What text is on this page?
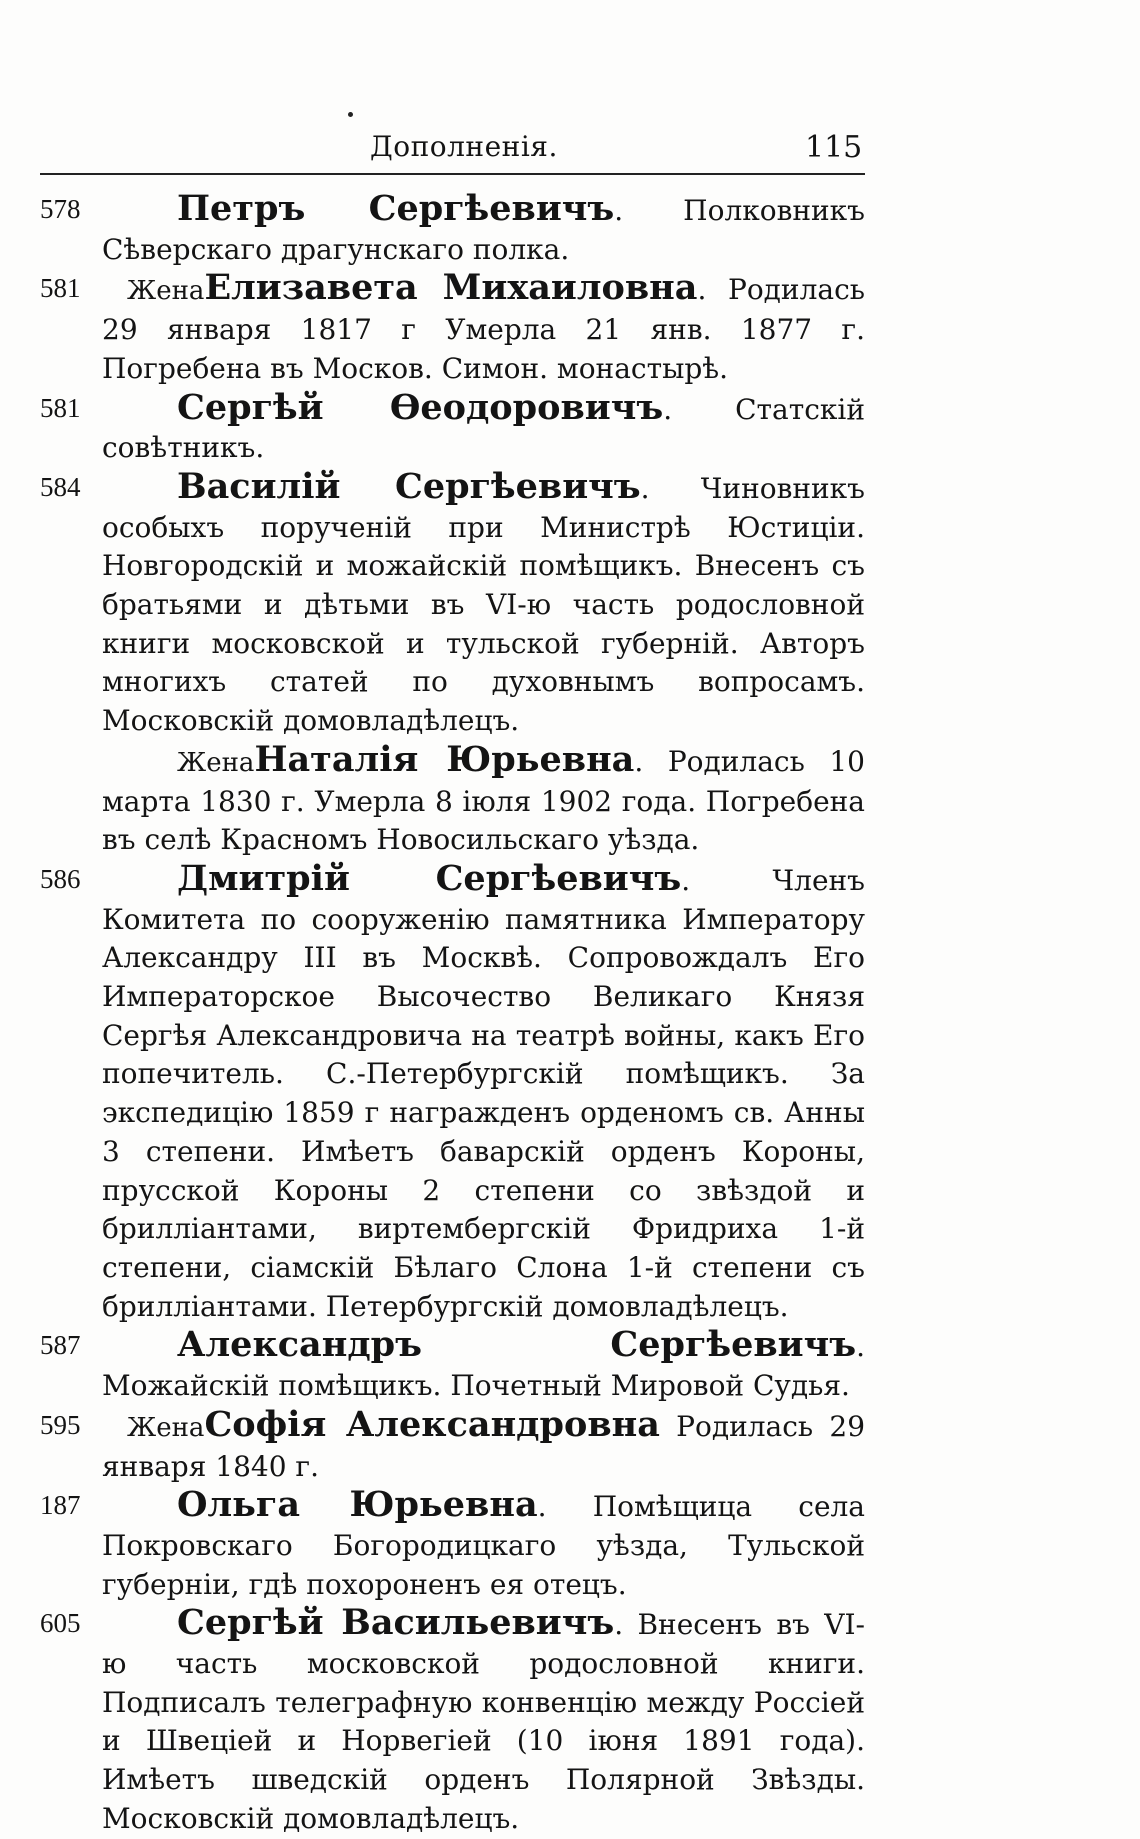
Дополненія.	115
578	Петръ Сергѣевичъ. Полковникъ Сѣверскаго драгунскаго полка.
581 ЖенаЕлизавета Михаиловна. Родилась 29 января 1817 г Умерла 21 янв. 1877 г. Погребена въ Москов. Симон. монастырѣ.
581	Сергѣй Өеодоровичъ. Статскій совѣтникъ.
584	Василій Сергѣевичъ. Чиновникъ особыхъ порученій при Министрѣ Юстиціи. Новгородскій и можайскій помѣщикъ. Внесенъ съ братьями и дѣтьми въ VI-ю часть родословной книги московской и тульской губерній. Авторъ многихъ статей по духовнымъ вопросамъ. Московскій домовладѣлецъ.
ЖенаНаталія Юрьевна. Родилась 10 марта 1830 г. Умерла 8 іюля 1902 года. Погребена въ селѣ Красномъ Новосильскаго уѣзда.
586	Дмитрій Сергѣевичъ. Членъ Комитета по сооруженію памятника Императору Александру III въ Москвѣ. Сопровождалъ Его Императорское Высочество Великаго Князя Сергѣя Александровича на театрѣ войны, какъ Его попечитель. С.-Петербургскій помѣщикъ. За экспедицію 1859 г награжденъ орденомъ св. Анны 3 степени. Имѣетъ баварскій орденъ Короны, прусской Короны 2 степени со звѣздой и бриллiантами, виртембергскій Фридриха 1-й степени, сіамскій Бѣлаго Слона 1-й степени съ бриллiантами. Петербургскій домовладѣлецъ.
587	Александръ Сергѣевичъ. Можайскій помѣщикъ. Почетный Мировой Судья.
595 ЖенаСофія Александровна Родилась 29 января 1840 г.
187	Ольга Юрьевна. Помѣщица села Покровскаго Богородицкаго уѣзда, Тульской губерніи, гдѣ похороненъ ея отецъ.
605	Сергѣй Васильевичъ. Внесенъ въ VI-ю часть московской родословной книги. Подписалъ телеграфную конвенцію между Россіей и Швеціей и Норвегіей (10 іюня 1891 года). Имѣетъ шведскій орденъ Полярной Звѣзды. Московскій домовладѣлецъ.
